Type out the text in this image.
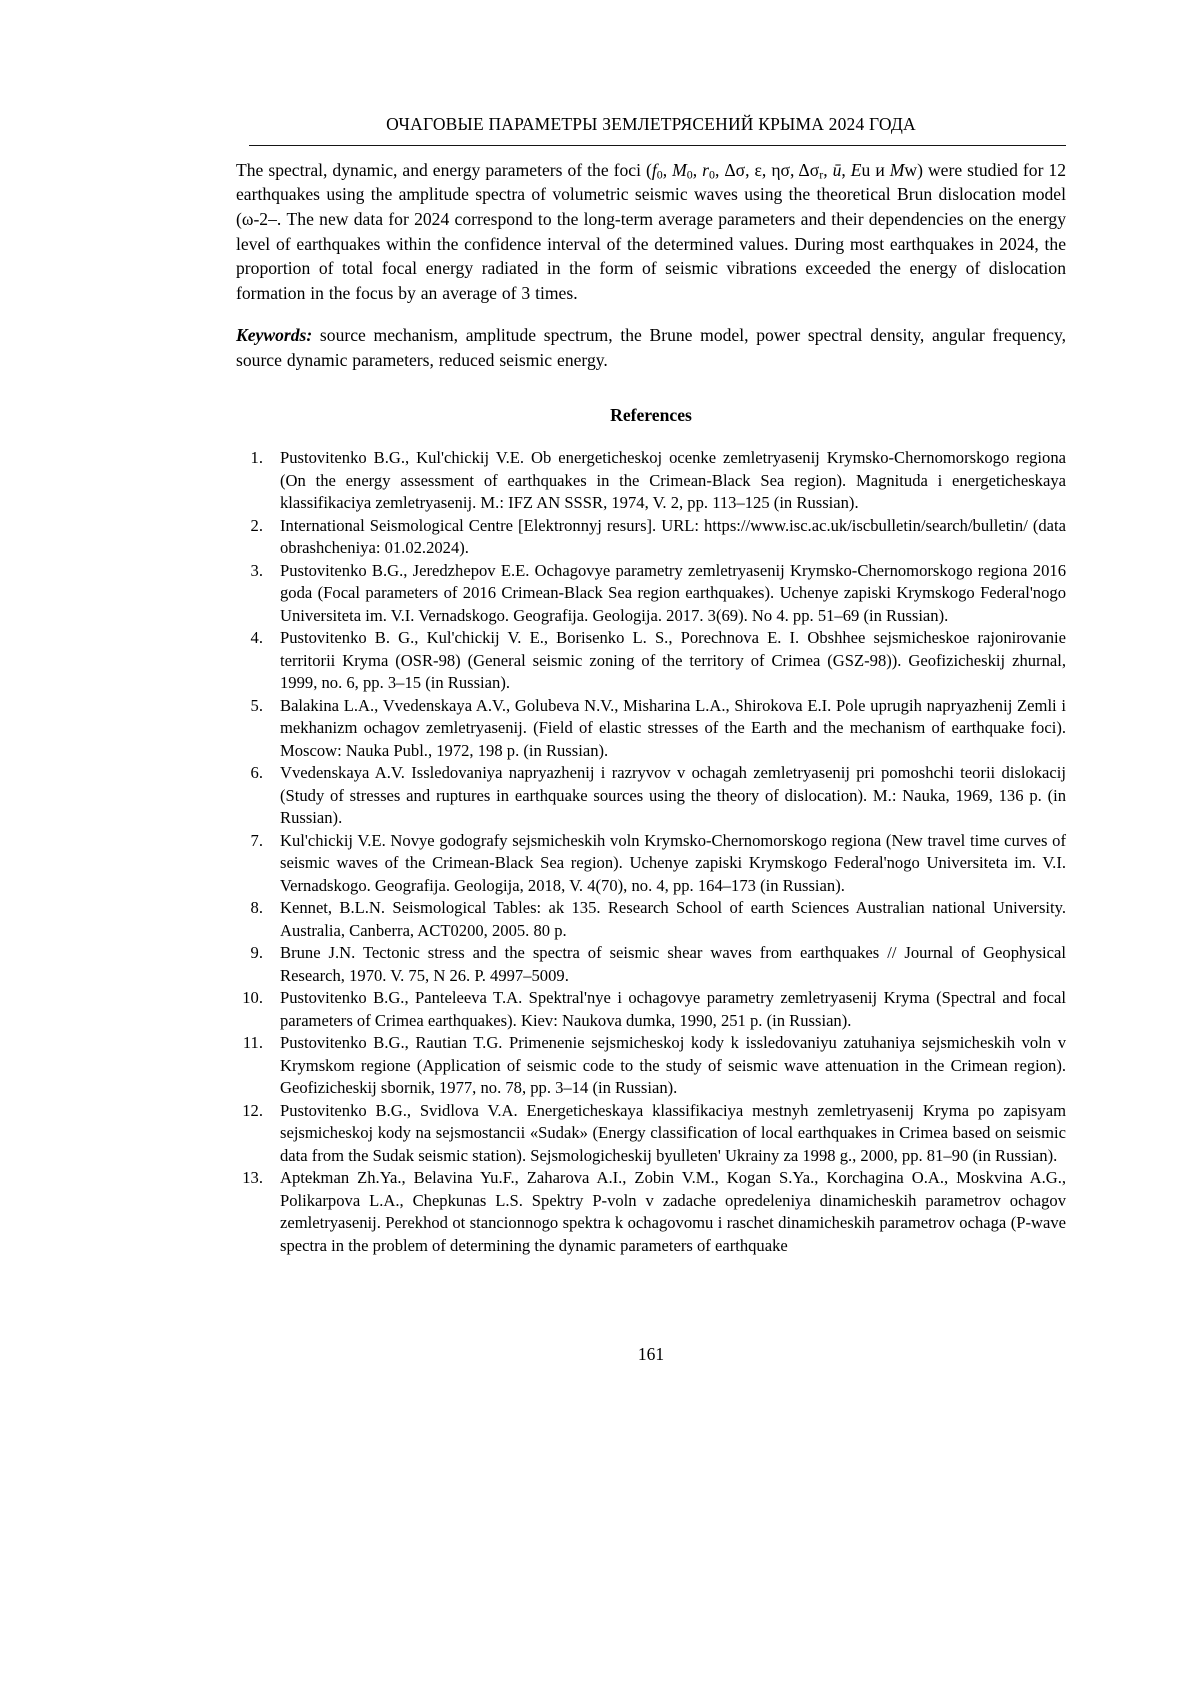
ОЧАГОВЫЕ ПАРАМЕТРЫ ЗЕМЛЕТРЯСЕНИЙ КРЫМА 2024 ГОДА

The spectral, dynamic, and energy parameters of the foci ($f_0$, $M_0$, $r_0$, Δσ, ε, ησ, $\Delta\sigma_r$, ū, Eu и Mw) were studied for 12 earthquakes using the amplitude spectra of volumetric seismic waves using the theoretical Brun dislocation model (ω-2–. The new data for 2024 correspond to the long-term average parameters and their dependencies on the energy level of earthquakes within the confidence interval of the determined values. During most earthquakes in 2024, the proportion of total focal energy radiated in the form of seismic vibrations exceeded the energy of dislocation formation in the focus by an average of 3 times.

Keywords: source mechanism, amplitude spectrum, the Brune model, power spectral density, angular frequency, source dynamic parameters, reduced seismic energy.

References
1. Pustovitenko B.G., Kul'chickij V.E. Ob energeticheskoj ocenke zemletryasenij Krymsko-Chernomorskogo regiona (On the energy assessment of earthquakes in the Crimean-Black Sea region). Magnituda i energeticheskaya klassifikaciya zemletryasenij. M.: IFZ AN SSSR, 1974, V. 2, pp. 113–125 (in Russian).
2. International Seismological Centre [Elektronnyj resurs]. URL: https://www.isc.ac.uk/iscbulletin/search/bulletin/ (data obrashcheniya: 01.02.2024).
3. Pustovitenko B.G., Jeredzhepov E.E. Ochagovye parametry zemletryasenij Krymsko-Chernomorskogo regiona 2016 goda (Focal parameters of 2016 Crimean-Black Sea region earthquakes). Uchenye zapiski Krymskogo Federal'nogo Universiteta im. V.I. Vernadskogo. Geografija. Geologija. 2017. 3(69). No 4. pp. 51–69 (in Russian).
4. Pustovitenko B. G., Kul'chickij V. E., Borisenko L. S., Porechnova E. I. Obshhee sejsmicheskoe rajonirovanie territorii Kryma (OSR-98) (General seismic zoning of the territory of Crimea (GSZ-98)). Geofizicheskij zhurnal, 1999, no. 6, pp. 3–15 (in Russian).
5. Balakina L.A., Vvedenskaya A.V., Golubeva N.V., Misharina L.A., Shirokova E.I. Pole uprugih napryazhenij Zemli i mekhanizm ochagov zemletryasenij. (Field of elastic stresses of the Earth and the mechanism of earthquake foci). Moscow: Nauka Publ., 1972, 198 p. (in Russian).
6. Vvedenskaya A.V. Issledovaniya napryazhenij i razryvov v ochagah zemletryasenij pri pomoshchi teorii dislokacij (Study of stresses and ruptures in earthquake sources using the theory of dislocation). M.: Nauka, 1969, 136 p. (in Russian).
7. Kul'chickij V.E. Novye godografy sejsmicheskih voln Krymsko-Chernomorskogo regiona (New travel time curves of seismic waves of the Crimean-Black Sea region). Uchenye zapiski Krymskogo Federal'nogo Universiteta im. V.I. Vernadskogo. Geografija. Geologija, 2018, V. 4(70), no. 4, pp. 164–173 (in Russian).
8. Kennet, B.L.N. Seismological Tables: ak 135. Research School of earth Sciences Australian national University. Australia, Canberra, ACT0200, 2005. 80 p.
9. Brune J.N. Tectonic stress and the spectra of seismic shear waves from earthquakes // Journal of Geophysical Research, 1970. V. 75, N 26. P. 4997–5009.
10. Pustovitenko B.G., Panteleeva T.A. Spektral'nye i ochagovye parametry zemletryasenij Kryma (Spectral and focal parameters of Crimea earthquakes). Kiev: Naukova dumka, 1990, 251 p. (in Russian).
11. Pustovitenko B.G., Rautian T.G. Primenenie sejsmicheskoj kody k issledovaniyu zatuhaniya sejsmicheskih voln v Krymskom regione (Application of seismic code to the study of seismic wave attenuation in the Crimean region). Geofizicheskij sbornik, 1977, no. 78, pp. 3–14 (in Russian).
12. Pustovitenko B.G., Svidlova V.A. Energeticheskaya klassifikaciya mestnyh zemletryasenij Kryma po zapisyam sejsmicheskoj kody na sejsmostancii «Sudak» (Energy classification of local earthquakes in Crimea based on seismic data from the Sudak seismic station). Sejsmologicheskij byulleten' Ukrainy za 1998 g., 2000, pp. 81–90 (in Russian).
13. Aptekman Zh.Ya., Belavina Yu.F., Zaharova A.I., Zobin V.M., Kogan S.Ya., Korchagina O.A., Moskvina A.G., Polikarpova L.A., Chepkunas L.S. Spektry P-voln v zadache opredeleniya dinamicheskih parametrov ochagov zemletryasenij. Perekhod ot stancionnogo spektra k ochagovomu i raschet dinamicheskih parametrov ochaga (P-wave spectra in the problem of determining the dynamic parameters of earthquake
161
